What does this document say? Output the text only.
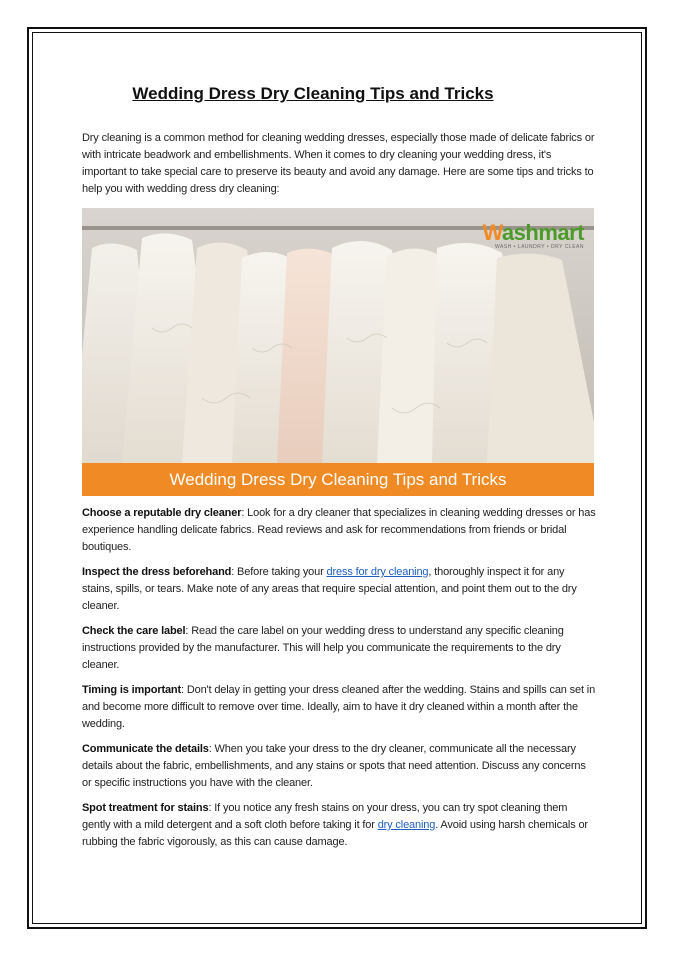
Wedding Dress Dry Cleaning Tips and Tricks
Dry cleaning is a common method for cleaning wedding dresses, especially those made of delicate fabrics or with intricate beadwork and embellishments. When it comes to dry cleaning your wedding dress, it's important to take special care to preserve its beauty and avoid any damage. Here are some tips and tricks to help you with wedding dress dry cleaning:
Washmart
WASH • LAUNDRY • DRY CLEAN
Wedding Dress Dry Cleaning Tips and Tricks
Choose a reputable dry cleaner: Look for a dry cleaner that specializes in cleaning wedding dresses or has experience handling delicate fabrics. Read reviews and ask for recommendations from friends or bridal boutiques.
Inspect the dress beforehand: Before taking your dress for dry cleaning, thoroughly inspect it for any stains, spills, or tears. Make note of any areas that require special attention, and point them out to the dry cleaner.
Check the care label: Read the care label on your wedding dress to understand any specific cleaning instructions provided by the manufacturer. This will help you communicate the requirements to the dry cleaner.
Timing is important: Don't delay in getting your dress cleaned after the wedding. Stains and spills can set in and become more difficult to remove over time. Ideally, aim to have it dry cleaned within a month after the wedding.
Communicate the details: When you take your dress to the dry cleaner, communicate all the necessary details about the fabric, embellishments, and any stains or spots that need attention. Discuss any concerns or specific instructions you have with the cleaner.
Spot treatment for stains: If you notice any fresh stains on your dress, you can try spot cleaning them gently with a mild detergent and a soft cloth before taking it for dry cleaning. Avoid using harsh chemicals or rubbing the fabric vigorously, as this can cause damage.
